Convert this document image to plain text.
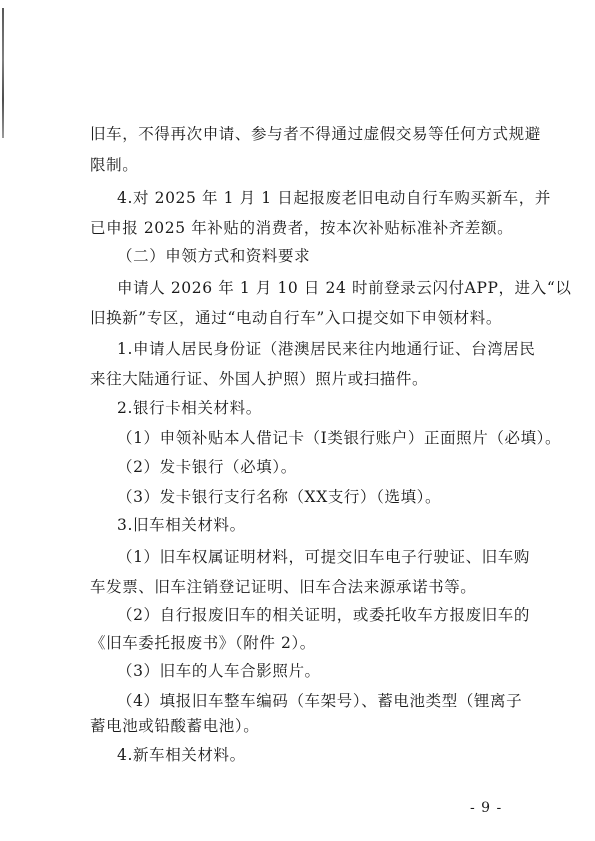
旧车，不得再次申请、参与者不得通过虚假交易等任何方式规避
限制。
4.对 2025 年 1 月 1 日起报废老旧电动自行车购买新车，并
已申报 2025 年补贴的消费者，按本次补贴标准补齐差额。
（二）申领方式和资料要求
申请人 2026 年 1 月 10 日 24 时前登录云闪付APP，进入“以
旧换新”专区，通过“电动自行车”入口提交如下申领材料。
1.申请人居民身份证（港澳居民来往内地通行证、台湾居民
来往大陆通行证、外国人护照）照片或扫描件。
2.银行卡相关材料。
（1）申领补贴本人借记卡（I类银行账户）正面照片（必填）。
（2）发卡银行（必填）。
（3）发卡银行支行名称（XX支行）（选填）。
3.旧车相关材料。
（1）旧车权属证明材料，可提交旧车电子行驶证、旧车购
车发票、旧车注销登记证明、旧车合法来源承诺书等。
（2）自行报废旧车的相关证明，或委托收车方报废旧车的
《旧车委托报废书》（附件 2）。
（3）旧车的人车合影照片。
（4）填报旧车整车编码（车架号）、蓄电池类型（锂离子
蓄电池或铅酸蓄电池）。
4.新车相关材料。
- 9 -
